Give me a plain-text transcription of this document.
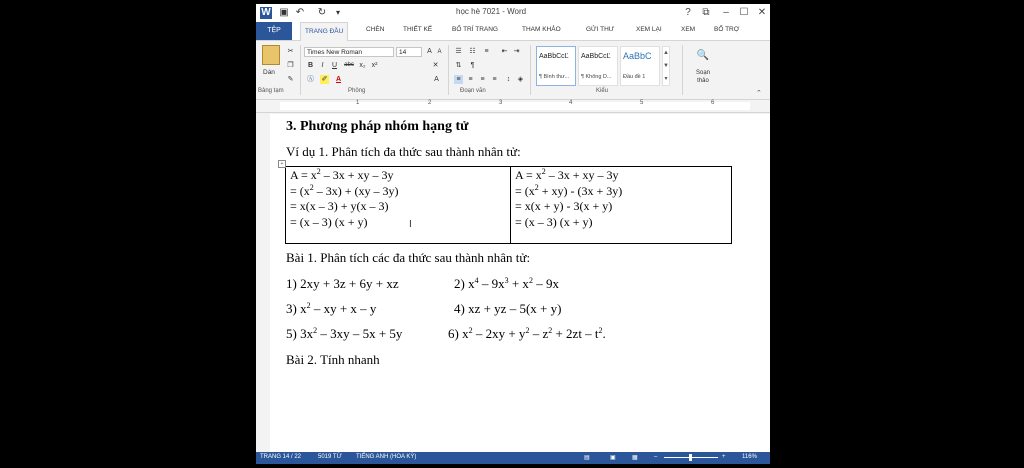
W ▣ ↶ ↻	▾	học hè 7021 - Word	?	⧉	–	☐ ✕
TỆP	TRANG ĐẦU	CHÈN	THIẾT KẾ	BỐ TRÍ TRANG	THAM KHẢO	GỬI THƯ	XEM LẠI	XEM	BỔ TRỢ
Dán
✂
❐
✎
Bảng tạm
Times New Roman	14	A A
B	I	U	abc x₂ x²
Ⓐ ✐ A
Phông
☰ ☷	≡	⇤ ⇥
⇅	¶
✕
A	≡	≡	≡	≡	↕	◈
Đoạn văn
AaBbCcĽ
¶ Bình thư...
AaBbCcĽ
¶ Không D...
AaBbC
Đầu đề 1
▲
▼
▾
Kiểu
🔍
Soạn thảo
⌃
1	2	3	4	5	6
3. Phương pháp nhóm hạng tử
Ví dụ 1. Phân tích đa thức sau thành nhân tử:
$A = x^2 - 3x$ + xy – 3y
= $(x^2 - 3x) + (xy - 3y)$
= x(x – 3) + y(x – 3)
= (x – 3) (x + y)
$A = x^2 - 3x$ + xy – 3y
= $(x^2 + xy) - (3x + 3y)$
= x(x + y) - 3(x + y)
= (x – 3) (x + y)
I
+
Bài 1. Phân tích các đa thức sau thành nhân tử:
1) 2xy + 3z + 6y + xz	2) $x^4 - 9x^3 + x^2 - 9x$
3) $x^2$ – xy + x – y	4) xz + yz – 5(x + y)
5) $3x^2 - 3xy - 5x + 5y$	6) $x^2 - 2xy + y^2 - z^2 + 2zt - t^2$.
Bài 2. Tính nhanh
TRANG 14 / 22	5019 TỪ TIẾNG ANH (HOA KỲ)	▤	▣	▦	–	+	116%
